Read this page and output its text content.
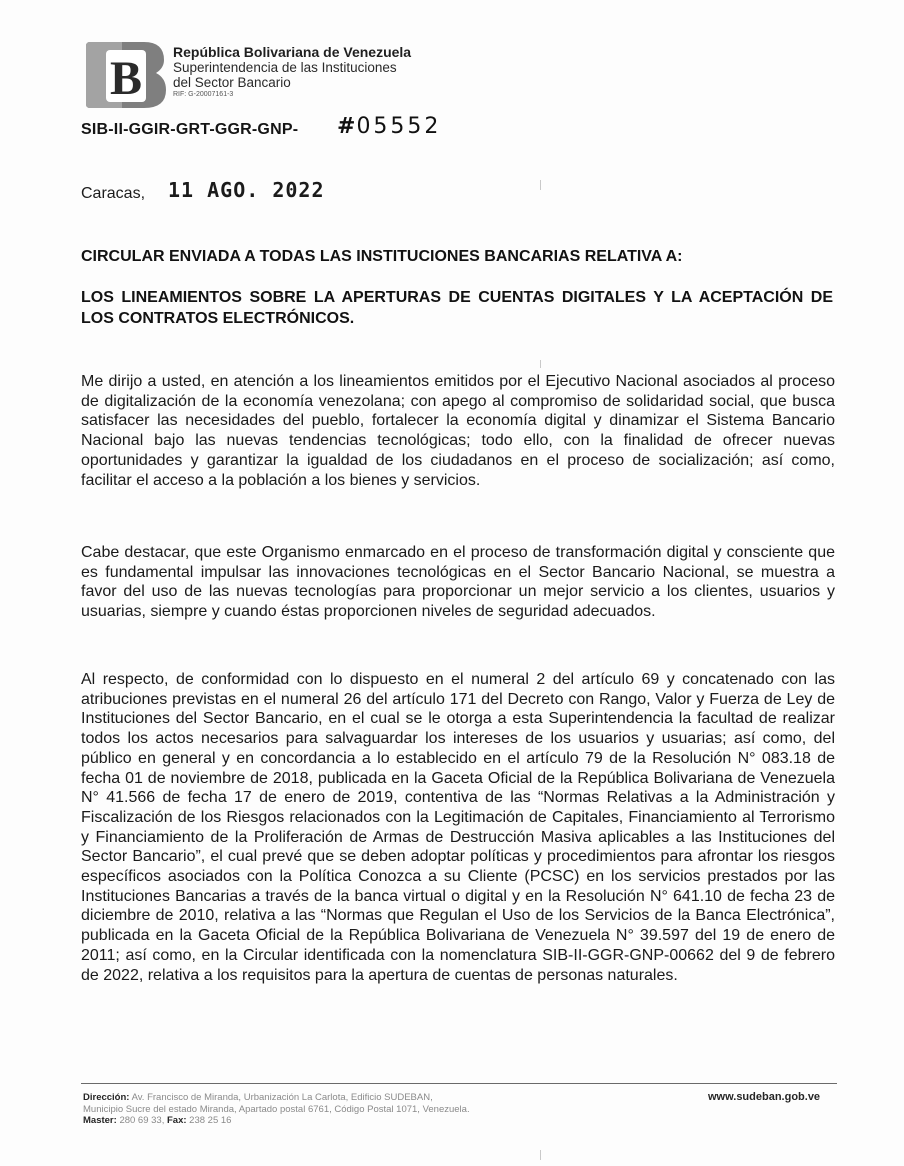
B República Bolivariana de Venezuela
Superintendencia de las Instituciones
del Sector Bancario
RIF: G-20007161-3
SIB-II-GGIR-GRT-GGR-GNP- #05552
Caracas, 11 AGO. 2022
CIRCULAR ENVIADA A TODAS LAS INSTITUCIONES BANCARIAS RELATIVA A:
LOS LINEAMIENTOS SOBRE LA APERTURAS DE CUENTAS DIGITALES Y LA ACEPTACIÓN DE LOS CONTRATOS ELECTRÓNICOS.
Me dirijo a usted, en atención a los lineamientos emitidos por el Ejecutivo Nacional asociados al proceso de digitalización de la economía venezolana; con apego al compromiso de solidaridad social, que busca satisfacer las necesidades del pueblo, fortalecer la economía digital y dinamizar el Sistema Bancario Nacional bajo las nuevas tendencias tecnológicas; todo ello, con la finalidad de ofrecer nuevas oportunidades y garantizar la igualdad de los ciudadanos en el proceso de socialización; así como, facilitar el acceso a la población a los bienes y servicios.
Cabe destacar, que este Organismo enmarcado en el proceso de transformación digital y consciente que es fundamental impulsar las innovaciones tecnológicas en el Sector Bancario Nacional, se muestra a favor del uso de las nuevas tecnologías para proporcionar un mejor servicio a los clientes, usuarios y usuarias, siempre y cuando éstas proporcionen niveles de seguridad adecuados.
Al respecto, de conformidad con lo dispuesto en el numeral 2 del artículo 69 y concatenado con las atribuciones previstas en el numeral 26 del artículo 171 del Decreto con Rango, Valor y Fuerza de Ley de Instituciones del Sector Bancario, en el cual se le otorga a esta Superintendencia la facultad de realizar todos los actos necesarios para salvaguardar los intereses de los usuarios y usuarias; así como, del público en general y en concordancia a lo establecido en el artículo 79 de la Resolución N° 083.18 de fecha 01 de noviembre de 2018, publicada en la Gaceta Oficial de la República Bolivariana de Venezuela N° 41.566 de fecha 17 de enero de 2019, contentiva de las “Normas Relativas a la Administración y Fiscalización de los Riesgos relacionados con la Legitimación de Capitales, Financiamiento al Terrorismo y Financiamiento de la Proliferación de Armas de Destrucción Masiva aplicables a las Instituciones del Sector Bancario”, el cual prevé que se deben adoptar políticas y procedimientos para afrontar los riesgos específicos asociados con la Política Conozca a su Cliente (PCSC) en los servicios prestados por las Instituciones Bancarias a través de la banca virtual o digital y en la Resolución N° 641.10 de fecha 23 de diciembre de 2010, relativa a las “Normas que Regulan el Uso de los Servicios de la Banca Electrónica”, publicada en la Gaceta Oficial de la República Bolivariana de Venezuela N° 39.597 del 19 de enero de 2011; así como, en la Circular identificada con la nomenclatura SIB-II-GGR-GNP-00662 del 9 de febrero de 2022, relativa a los requisitos para la apertura de cuentas de personas naturales.
Dirección: Av. Francisco de Miranda, Urbanización La Carlota, Edificio SUDEBAN,
Municipio Sucre del estado Miranda, Apartado postal 6761, Código Postal 1071, Venezuela.
Master: 280 69 33, Fax: 238 25 16
www.sudeban.gob.ve
